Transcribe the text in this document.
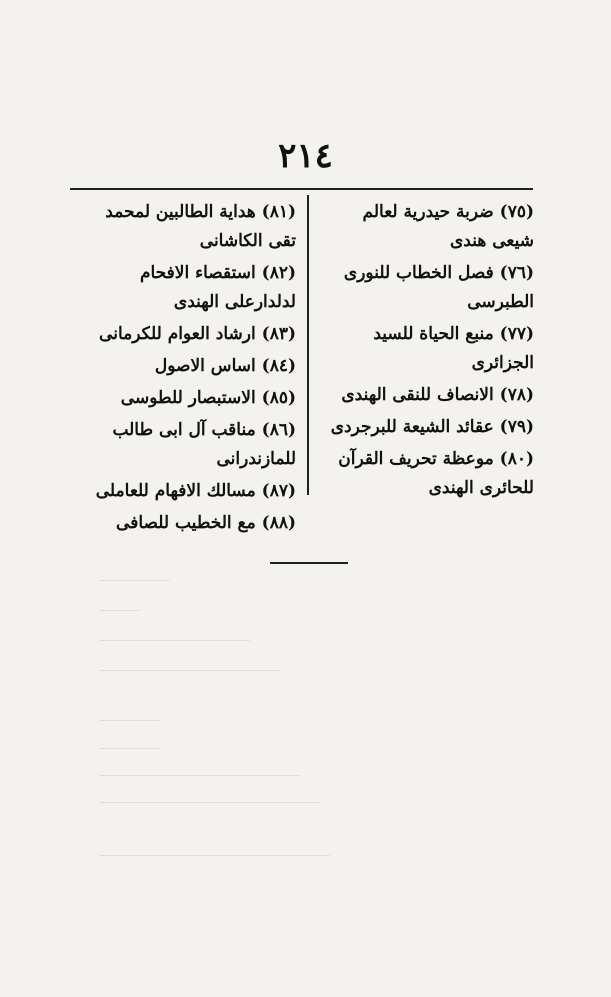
٢١٤
(٧٥) ضربة حيدرية لعالم شيعى هندى
(٧٦) فصل الخطاب للنورى الطبرسى
(٧٧) منبع الحياة للسيد الجزائرى
(٧٨) الانصاف للنقى الهندى
(٧٩) عقائد الشيعة للبرجردى
(٨٠) موعظة تحريف القرآن للحائرى الهندى
(٨١) هداية الطالبين لمحمد تقى الكاشانى
(٨٢) استقصاء الافحام لدلدارعلى الهندى
(٨٣) ارشاد العوام للكرمانى
(٨٤) اساس الاصول
(٨٥) الاستبصار للطوسى
(٨٦) مناقب آل ابى طالب للمازندرانى
(٨٧) مسالك الافهام للعاملى
(٨٨) مع الخطيب للصافى
